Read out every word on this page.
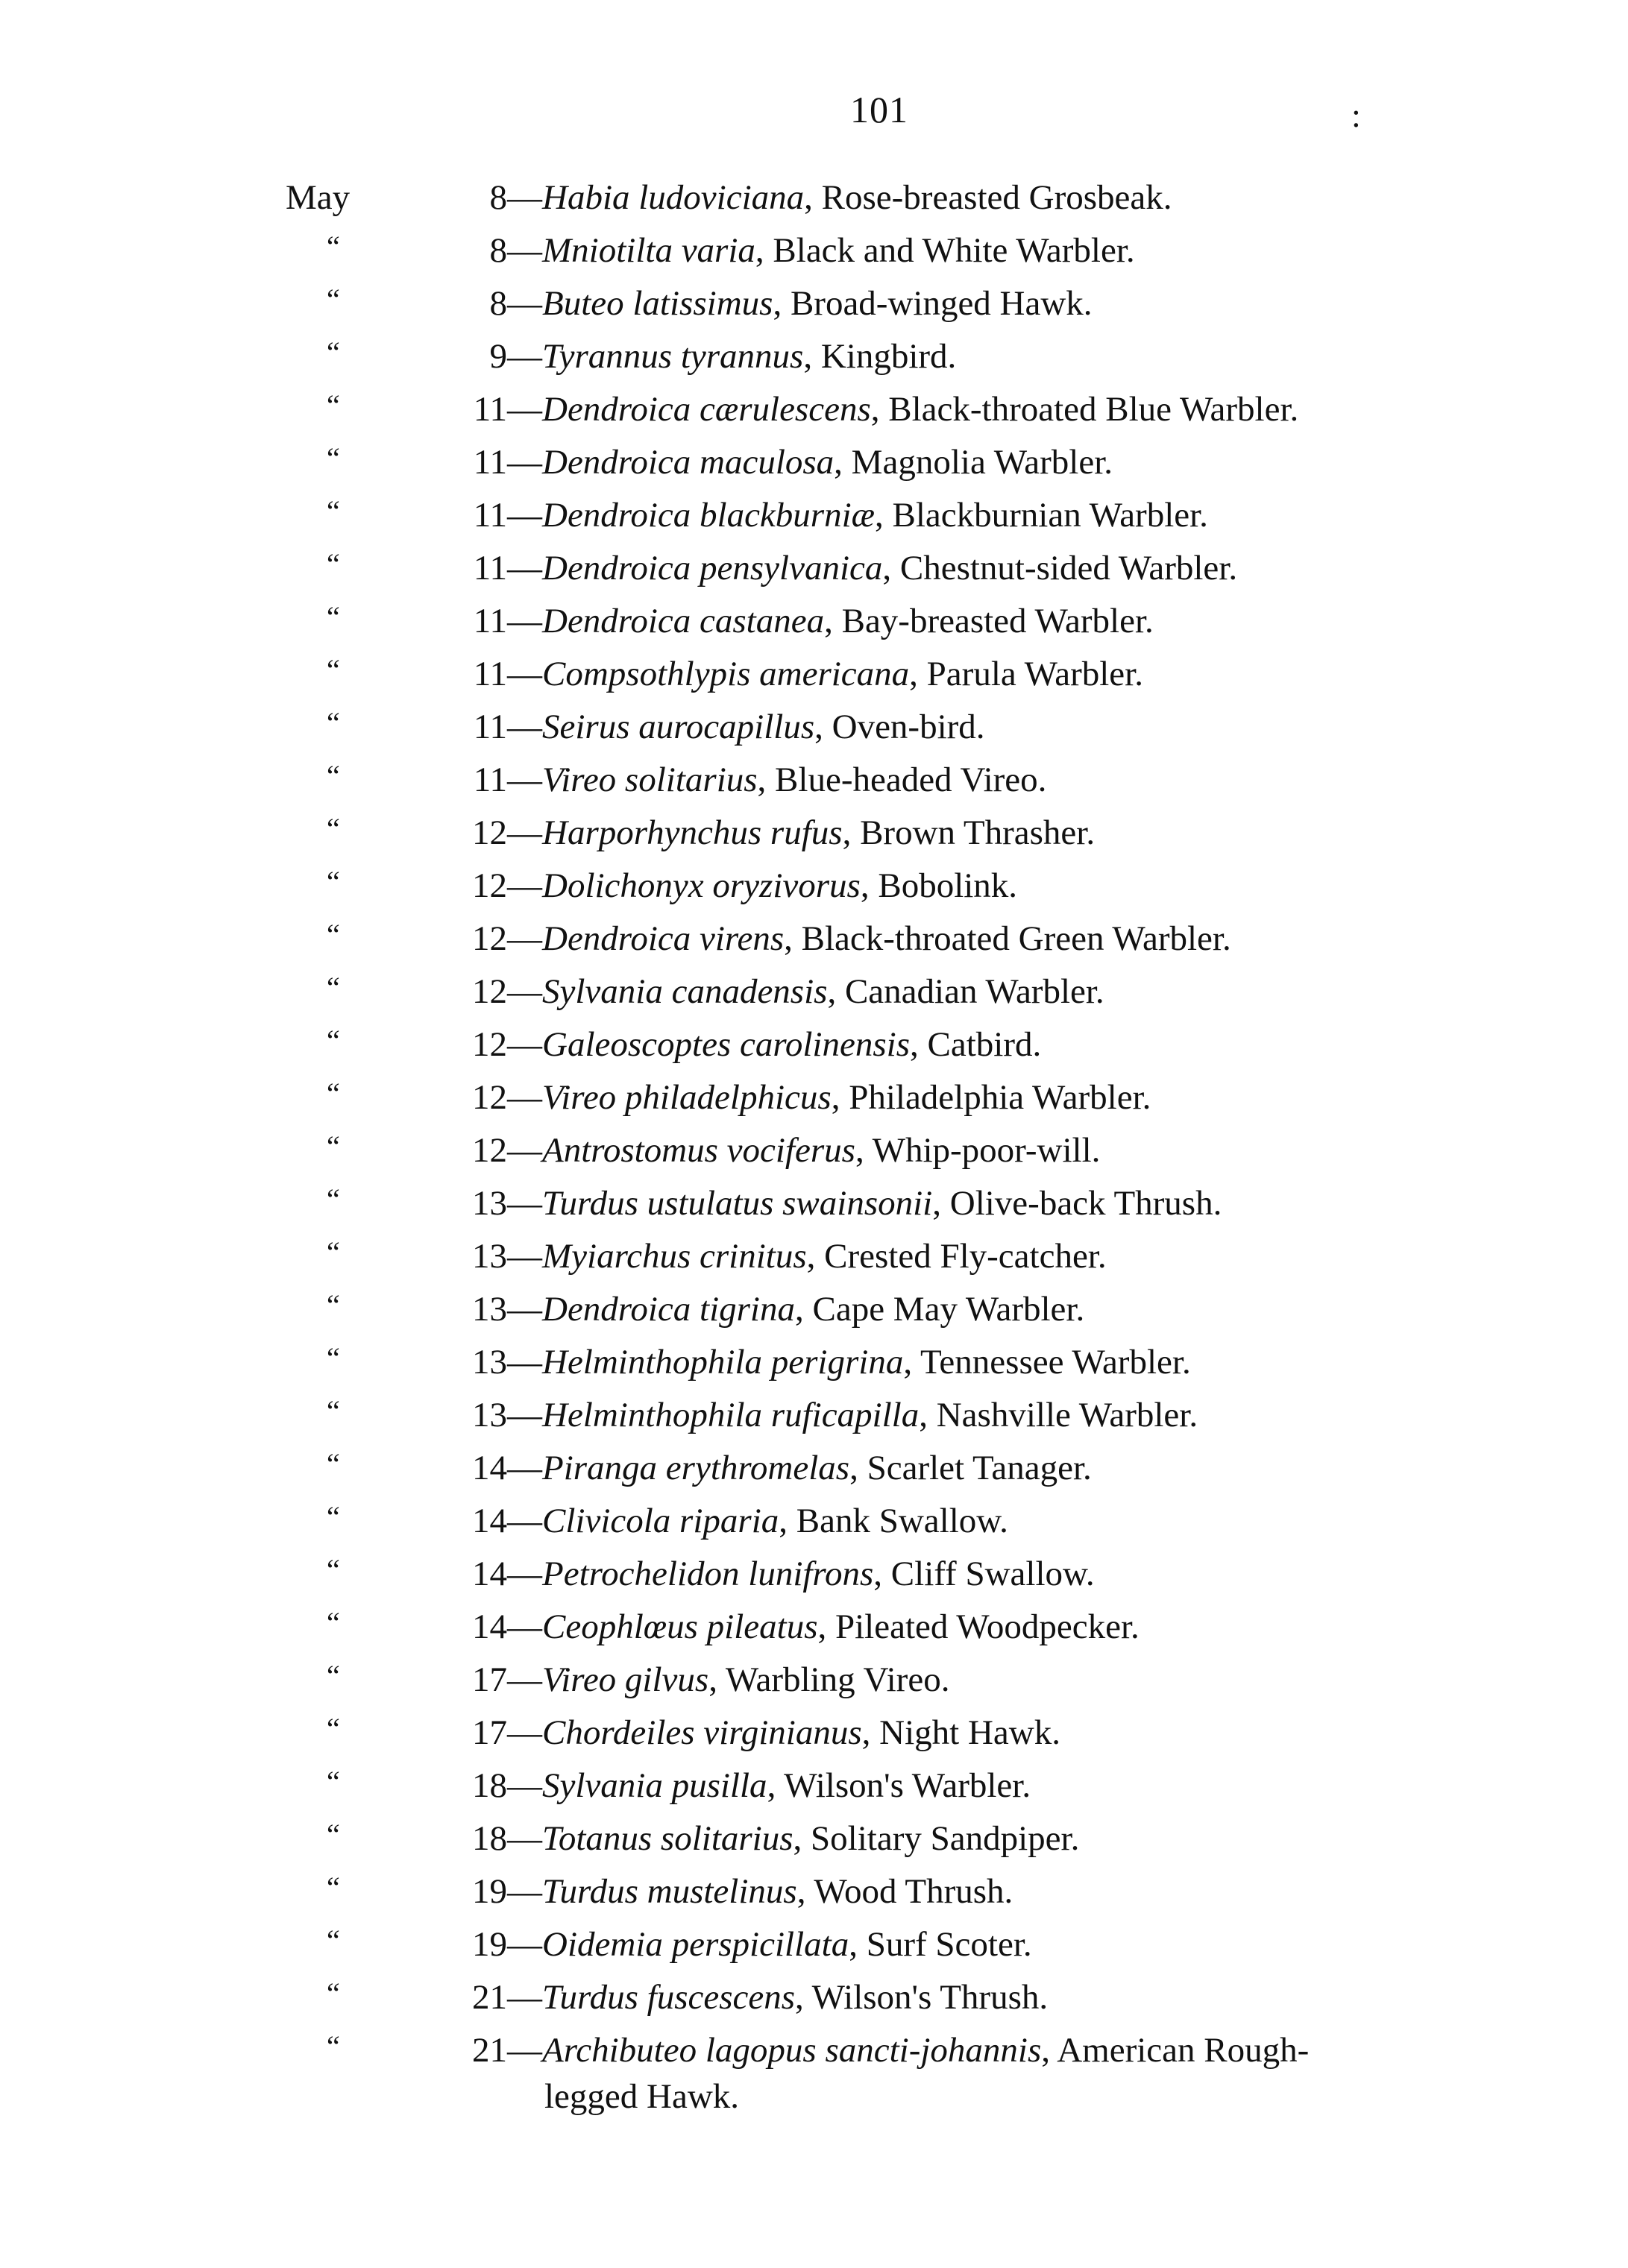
101	:
May	8—Habia ludoviciana, Rose-breasted Grosbeak.
“	8—Mniotilta varia, Black and White Warbler.
“	8—Buteo latissimus, Broad-winged Hawk.
“	9—Tyrannus tyrannus, Kingbird.
“	11—Dendroica cærulescens, Black-throated Blue Warbler.
“	11—Dendroica maculosa, Magnolia Warbler.
“	11—Dendroica blackburniæ, Blackburnian Warbler.
“	11—Dendroica pensylvanica, Chestnut-sided Warbler.
“	11—Dendroica castanea, Bay-breasted Warbler.
“	11—Compsothlypis americana, Parula Warbler.
“	11—Seirus aurocapillus, Oven-bird.
“	11—Vireo solitarius, Blue-headed Vireo.
“	12—Harporhynchus rufus, Brown Thrasher.
“	12—Dolichonyx oryzivorus, Bobolink.
“	12—Dendroica virens, Black-throated Green Warbler.
“	12—Sylvania canadensis, Canadian Warbler.
“	12—Galeoscoptes carolinensis, Catbird.
“	12—Vireo philadelphicus, Philadelphia Warbler.
“	12—Antrostomus vociferus, Whip-poor-will.
“	13—Turdus ustulatus swainsonii, Olive-back Thrush.
“	13—Myiarchus crinitus, Crested Fly-catcher.
“	13—Dendroica tigrina, Cape May Warbler.
“	13—Helminthophila perigrina, Tennessee Warbler.
“	13—Helminthophila ruficapilla, Nashville Warbler.
“	14—Piranga erythromelas, Scarlet Tanager.
“	14—Clivicola riparia, Bank Swallow.
“	14—Petrochelidon lunifrons, Cliff Swallow.
“	14—Ceophlœus pileatus, Pileated Woodpecker.
“	17—Vireo gilvus, Warbling Vireo.
“	17—Chordeiles virginianus, Night Hawk.
“	18—Sylvania pusilla, Wilson's Warbler.
“	18—Totanus solitarius, Solitary Sandpiper.
“	19—Turdus mustelinus, Wood Thrush.
“	19—Oidemia perspicillata, Surf Scoter.
“	21—Turdus fuscescens, Wilson's Thrush.
“	21—Archibuteo lagopus sancti-johannis, American Rough-
legged Hawk.
